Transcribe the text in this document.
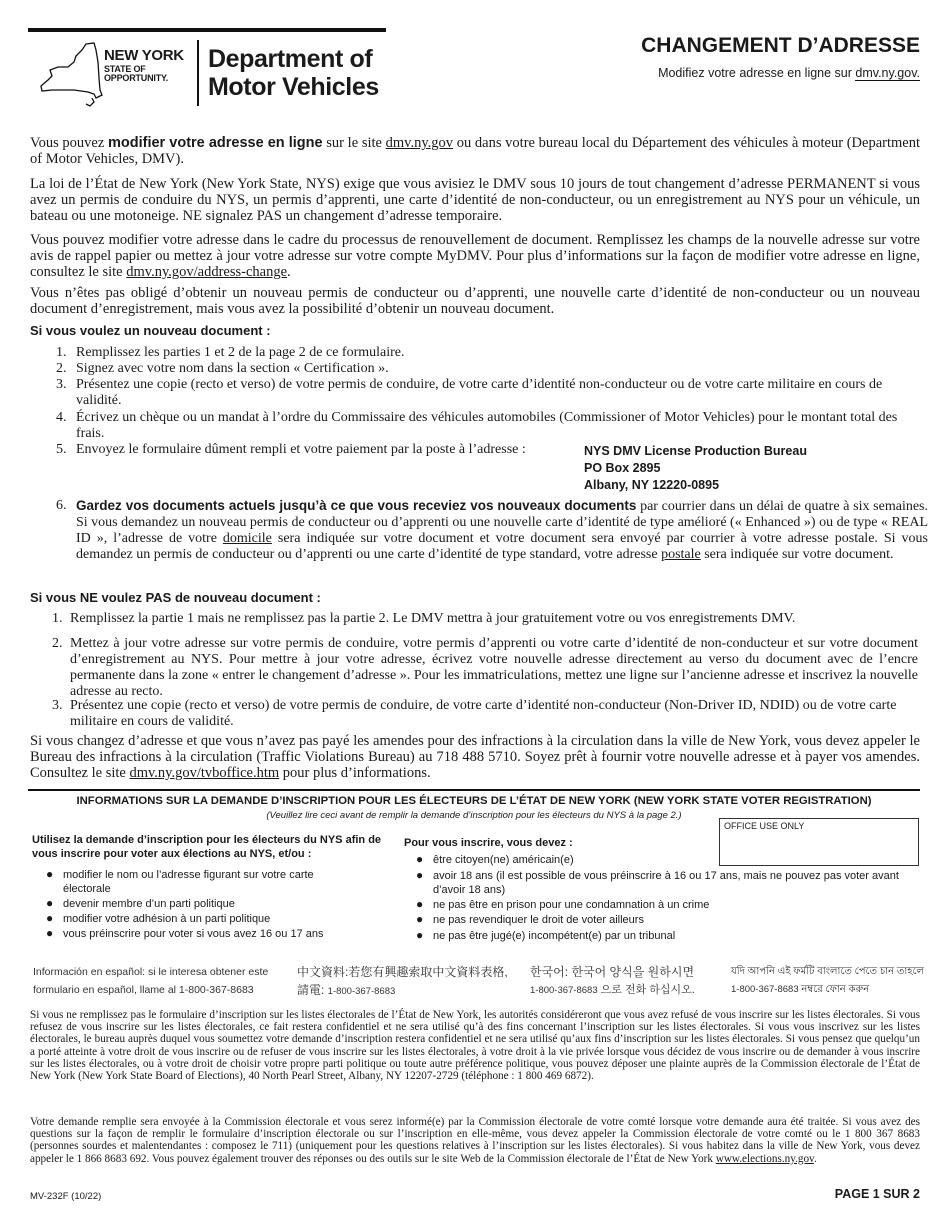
NEW YORK
STATE OF
OPPORTUNITY.
Department of
Motor Vehicles
CHANGEMENT D’ADRESSE
Modifiez votre adresse en ligne sur dmv.ny.gov.
Vous pouvez modifier votre adresse en ligne sur le site dmv.ny.gov ou dans votre bureau local du Département des véhicules à moteur (Department of Motor Vehicles, DMV).
La loi de l’État de New York (New York State, NYS) exige que vous avisiez le DMV sous 10 jours de tout changement d’adresse PERMANENT si vous avez un permis de conduire du NYS, un permis d’apprenti, une carte d’identité de non-conducteur, ou un enregistrement au NYS pour un véhicule, un bateau ou une motoneige. NE signalez PAS un changement d’adresse temporaire.
Vous pouvez modifier votre adresse dans le cadre du processus de renouvellement de document. Remplissez les champs de la nouvelle adresse sur votre avis de rappel papier ou mettez à jour votre adresse sur votre compte MyDMV. Pour plus d’informations sur la façon de modifier votre adresse en ligne, consultez le site dmv.ny.gov/address-change.
Vous n’êtes pas obligé d’obtenir un nouveau permis de conducteur ou d’apprenti, une nouvelle carte d’identité de non-conducteur ou un nouveau document d’enregistrement, mais vous avez la possibilité d’obtenir un nouveau document.
Si vous voulez un nouveau document :
1. Remplissez les parties 1 et 2 de la page 2 de ce formulaire.
2. Signez avec votre nom dans la section « Certification ».
3. Présentez une copie (recto et verso) de votre permis de conduire, de votre carte d’identité non-conducteur ou de votre carte militaire en cours de validité.
4. Écrivez un chèque ou un mandat à l’ordre du Commissaire des véhicules automobiles (Commissioner of Motor Vehicles) pour le montant total des frais.
5. Envoyez le formulaire dûment rempli et votre paiement par la poste à l’adresse :	NYS DMV License Production Bureau
PO Box 2895
Albany, NY 12220-0895
6. Gardez vos documents actuels jusqu’à ce que vous receviez vos nouveaux documents par courrier dans un délai de quatre à six semaines. Si vous demandez un nouveau permis de conducteur ou d’apprenti ou une nouvelle carte d’identité de type amélioré (« Enhanced ») ou de type « REAL ID », l’adresse de votre domicile sera indiquée sur votre document et votre document sera envoyé par courrier à votre adresse postale. Si vous demandez un permis de conducteur ou d’apprenti ou une carte d’identité de type standard, votre adresse postale sera indiquée sur votre document.
Si vous NE voulez PAS de nouveau document :
1. Remplissez la partie 1 mais ne remplissez pas la partie 2. Le DMV mettra à jour gratuitement votre ou vos enregistrements DMV.
2. Mettez à jour votre adresse sur votre permis de conduire, votre permis d’apprenti ou votre carte d’identité de non-conducteur et sur votre document d’enregistrement au NYS. Pour mettre à jour votre adresse, écrivez votre nouvelle adresse directement au verso du document avec de l’encre permanente dans la zone « entrer le changement d’adresse ». Pour les immatriculations, mettez une ligne sur l’ancienne adresse et inscrivez la nouvelle adresse au recto.
3. Présentez une copie (recto et verso) de votre permis de conduire, de votre carte d’identité non-conducteur (Non-Driver ID, NDID) ou de votre carte militaire en cours de validité.
Si vous changez d’adresse et que vous n’avez pas payé les amendes pour des infractions à la circulation dans la ville de New York, vous devez appeler le Bureau des infractions à la circulation (Traffic Violations Bureau) au 718 488 5710. Soyez prêt à fournir votre nouvelle adresse et à payer vos amendes. Consultez le site dmv.ny.gov/tvboffice.htm pour plus d’informations.
INFORMATIONS SUR LA DEMANDE D’INSCRIPTION POUR LES ÉLECTEURS DE L’ÉTAT DE NEW YORK (NEW YORK STATE VOTER REGISTRATION)
(Veuillez lire ceci avant de remplir la demande d’inscription pour les électeurs du NYS à la page 2.)
OFFICE USE ONLY
Utilisez la demande d’inscription pour les électeurs du NYS afin de vous inscrire pour voter aux élections au NYS, et/ou :
● modifier le nom ou l’adresse figurant sur votre carte électorale
● devenir membre d’un parti politique
● modifier votre adhésion à un parti politique
● vous préinscrire pour voter si vous avez 16 ou 17 ans
Pour vous inscrire, vous devez :
● être citoyen(ne) américain(e)
● avoir 18 ans (il est possible de vous préinscrire à 16 ou 17 ans, mais ne pouvez pas voter avant d’avoir 18 ans)
● ne pas être en prison pour une condamnation à un crime
● ne pas revendiquer le droit de voter ailleurs
● ne pas être jugé(e) incompétent(e) par un tribunal
Información en español: si le interesa obtener este
formulario en español, llame al 1-800-367-8683
中文資料:若您有興趣索取中文資料表格,
請電: 1-800-367-8683
한국어: 한국어 양식을 원하시면
1-800-367-8683 으로 전화 하십시오.
যদি আপনি এই ফর্মটি বাংলাতে পেতে চান তাহলে
1-800-367-8683 নম্বরে ফোন করুন
Si vous ne remplissez pas le formulaire d’inscription sur les listes électorales de l’État de New York, les autorités considéreront que vous avez refusé de vous inscrire sur les listes électorales. Si vous refusez de vous inscrire sur les listes électorales, ce fait restera confidentiel et ne sera utilisé qu’à des fins concernant l’inscription sur les listes électorales. Si vous vous inscrivez sur les listes électorales, le bureau auprès duquel vous soumettez votre demande d’inscription restera confidentiel et ne sera utilisé qu’aux fins d’inscription sur les listes électorales. Si vous pensez que quelqu’un a porté atteinte à votre droit de vous inscrire ou de refuser de vous inscrire sur les listes électorales, à votre droit à la vie privée lorsque vous décidez de vous inscrire ou de demander à vous inscrire sur les listes électorales, ou à votre droit de choisir votre propre parti politique ou toute autre préférence politique, vous pouvez déposer une plainte auprès de la Commission électorale de l’État de New York (New York State Board of Elections), 40 North Pearl Street, Albany, NY 12207-2729 (téléphone : 1 800 469 6872).
Votre demande remplie sera envoyée à la Commission électorale et vous serez informé(e) par la Commission électorale de votre comté lorsque votre demande aura été traitée. Si vous avez des questions sur la façon de remplir le formulaire d’inscription électorale ou sur l’inscription en elle-même, vous devez appeler la Commission électorale de votre comté ou le 1 800 367 8683 (personnes sourdes et malentendantes : composez le 711) (uniquement pour les questions relatives à l’inscription sur les listes électorales). Si vous habitez dans la ville de New York, vous devez appeler le 1 866 8683 692. Vous pouvez également trouver des réponses ou des outils sur le site Web de la Commission électorale de l’État de New York www.elections.ny.gov.
MV-232F (10/22)	PAGE 1 SUR 2
